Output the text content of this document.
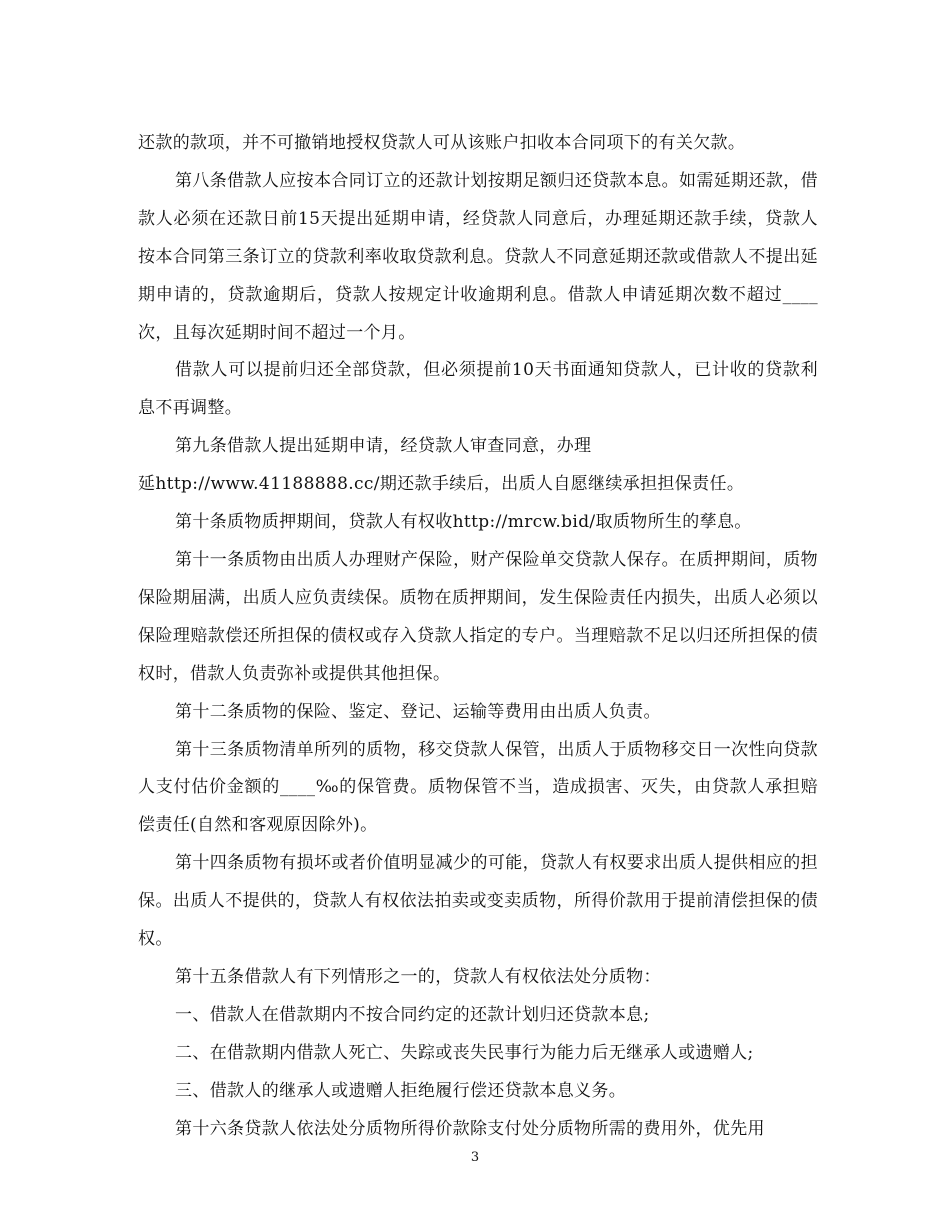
还款的款项，并不可撤销地授权贷款人可从该账户扣收本合同项下的有关欠款。

第八条借款人应按本合同订立的还款计划按期足额归还贷款本息。如需延期还款，借款人必须在还款日前15天提出延期申请，经贷款人同意后，办理延期还款手续，贷款人按本合同第三条订立的贷款利率收取贷款利息。贷款人不同意延期还款或借款人不提出延期申请的，贷款逾期后，贷款人按规定计收逾期利息。借款人申请延期次数不超过____次，且每次延期时间不超过一个月。

借款人可以提前归还全部贷款，但必须提前10天书面通知贷款人，已计收的贷款利息不再调整。

第九条借款人提出延期申请，经贷款人审查同意，办理

延http://www.41188888.cc/期还款手续后，出质人自愿继续承担担保责任。

第十条质物质押期间，贷款人有权收http://mrcw.bid/取质物所生的孳息。

第十一条质物由出质人办理财产保险，财产保险单交贷款人保存。在质押期间，质物保险期届满，出质人应负责续保。质物在质押期间，发生保险责任内损失，出质人必须以保险理赔款偿还所担保的债权或存入贷款人指定的专户。当理赔款不足以归还所担保的债权时，借款人负责弥补或提供其他担保。

第十二条质物的保险、鉴定、登记、运输等费用由出质人负责。

第十三条质物清单所列的质物，移交贷款人保管，出质人于质物移交日一次性向贷款人支付估价金额的____‰的保管费。质物保管不当，造成损害、灭失，由贷款人承担赔偿责任(自然和客观原因除外)。

第十四条质物有损坏或者价值明显减少的可能，贷款人有权要求出质人提供相应的担保。出质人不提供的，贷款人有权依法拍卖或变卖质物，所得价款用于提前清偿担保的债权。

第十五条借款人有下列情形之一的，贷款人有权依法处分质物：

一、借款人在借款期内不按合同约定的还款计划归还贷款本息;

二、在借款期内借款人死亡、失踪或丧失民事行为能力后无继承人或遗赠人;

三、借款人的继承人或遗赠人拒绝履行偿还贷款本息义务。

第十六条贷款人依法处分质物所得价款除支付处分质物所需的费用外，优先用

3
